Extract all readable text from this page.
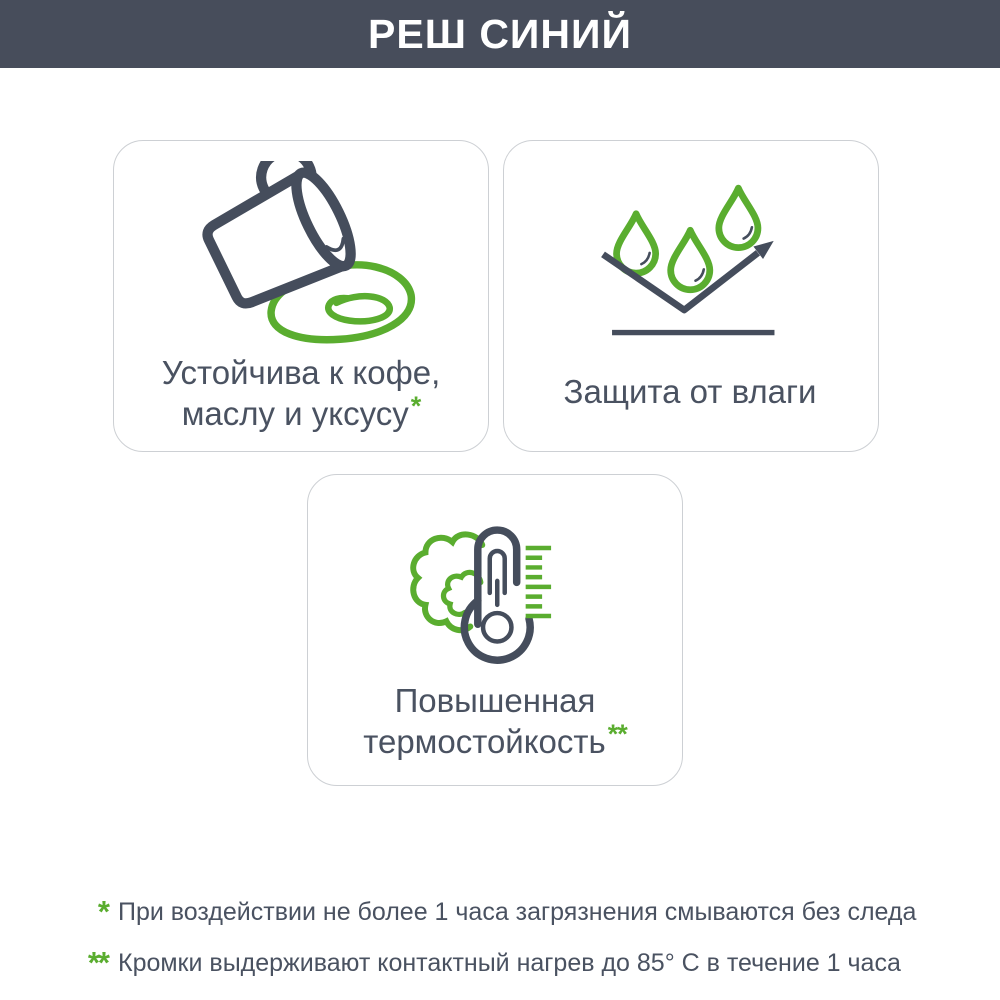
РЕШ СИНИЙ

Устойчива к кофе,
маслу и уксусу*	Защита от влаги

Повышенная
термостойкость**

* При воздействии не более 1 часа загрязнения смываются без следа
** Кромки выдерживают контактный нагрев до 85° C в течение 1 часа
